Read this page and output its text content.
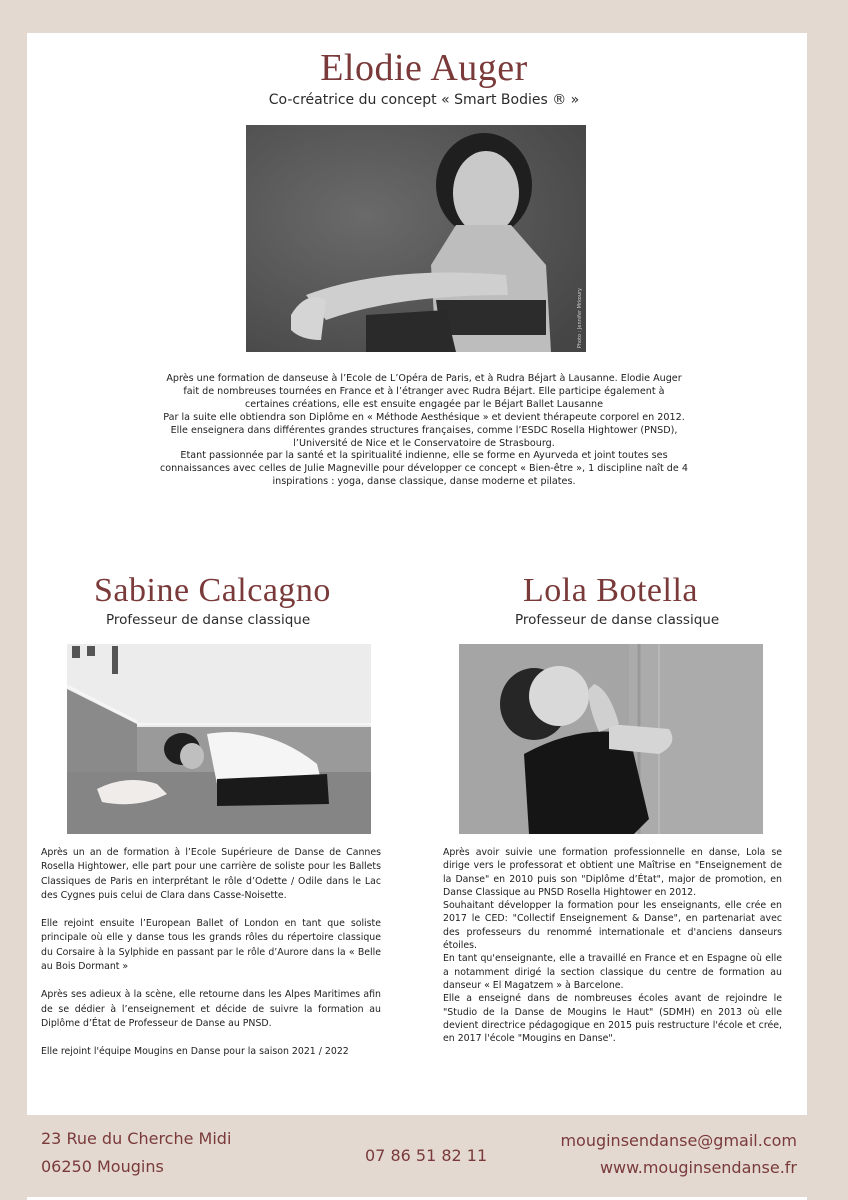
Elodie Auger
Co-créatrice du concept « Smart Bodies ® »
Photo : Jennifer Mrkoury

Après une formation de danseuse à l’Ecole de L’Opéra de Paris, et à Rudra Béjart à Lausanne. Elodie Auger

fait de nombreuses tournées en France et à l’étranger avec Rudra Béjart. Elle participe également à

certaines créations, elle est ensuite engagée par le Béjart Ballet Lausanne

Par la suite elle obtiendra son Diplôme en « Méthode Aesthésique » et devient thérapeute corporel en 2012.

Elle enseignera dans différentes grandes structures françaises, comme l’ESDC Rosella Hightower (PNSD),

l’Université de Nice et le Conservatoire de Strasbourg.

Etant passionnée par la santé et la spiritualité indienne, elle se forme en Ayurveda et joint toutes ses

connaissances avec celles de Julie Magneville pour développer ce concept « Bien-être », 1 discipline naît de 4

inspirations : yoga, danse classique, danse moderne et pilates.

Sabine Calcagno
Professeur de danse classique

Après un an de formation à l’Ecole Supérieure de Danse de Cannes Rosella Hightower, elle part pour une carrière de soliste pour les Ballets Classiques de Paris en interprétant le rôle d’Odette / Odile dans le Lac des Cygnes puis celui de Clara dans Casse-Noisette.

Elle rejoint ensuite l’European Ballet of London en tant que soliste principale où elle y danse tous les grands rôles du répertoire classique du Corsaire à la Sylphide en passant par le rôle d’Aurore dans la « Belle au Bois Dormant »

Après ses adieux à la scène, elle retourne dans les Alpes Maritimes afin de se dédier à l’enseignement et décide de suivre la formation au Diplôme d’État de Professeur de Danse au PNSD.

Elle rejoint l'équipe Mougins en Danse pour la saison 2021 / 2022

Lola Botella
Professeur de danse classique

Après avoir suivie une formation professionnelle en danse, Lola se dirige vers le professorat et obtient une Maîtrise en "Enseignement de la Danse" en 2010 puis son "Diplôme d’État", major de promotion, en Danse Classique au PNSD Rosella Hightower en 2012.

Souhaitant développer la formation pour les enseignants, elle crée en 2017 le CED: "Collectif Enseignement & Danse", en partenariat avec des professeurs du renommé internationale et d'anciens danseurs étoiles.

En tant qu'enseignante, elle a travaillé en France et en Espagne où elle a notamment dirigé la section classique du centre de formation au danseur « El Magatzem » à Barcelone.

Elle a enseigné dans de nombreuses écoles avant de rejoindre le "Studio de la Danse de Mougins le Haut" (SDMH) en 2013 où elle devient directrice pédagogique en 2015 puis restructure l'école et crée, en 2017 l'école "Mougins en Danse".

23 Rue du Cherche Midi
06250 Mougins
07 86 51 82 11
mouginsendanse@gmail.com
www.mouginsendanse.fr
